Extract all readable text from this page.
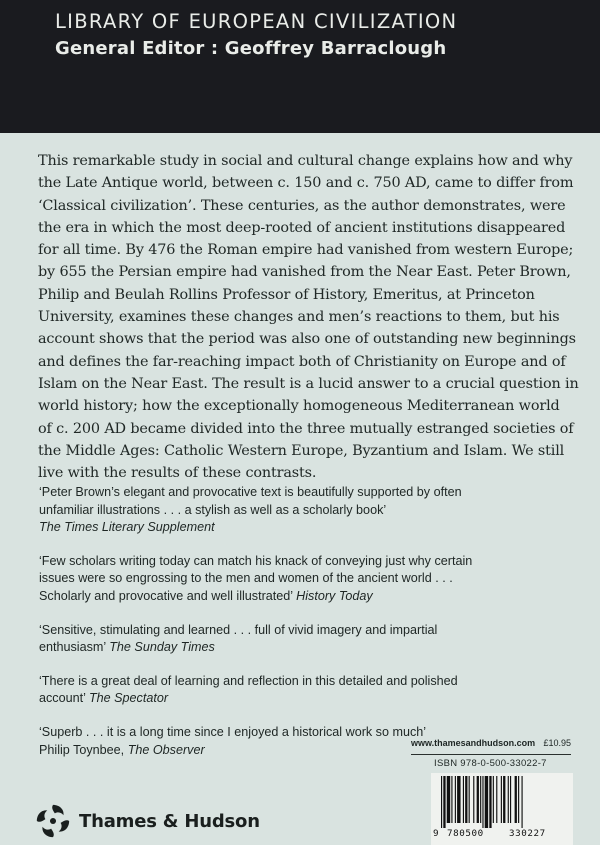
LIBRARY OF EUROPEAN CIVILIZATION
General Editor : Geoffrey Barraclough
This remarkable study in social and cultural change explains how and why
the Late Antique world, between c. 150 and c. 750 AD, came to differ from
‘Classical civilization’. These centuries, as the author demonstrates, were
the era in which the most deep-rooted of ancient institutions disappeared
for all time. By 476 the Roman empire had vanished from western Europe;
by 655 the Persian empire had vanished from the Near East. Peter Brown,
Philip and Beulah Rollins Professor of History, Emeritus, at Princeton
University, examines these changes and men’s reactions to them, but his
account shows that the period was also one of outstanding new beginnings
and defines the far-reaching impact both of Christianity on Europe and of
Islam on the Near East. The result is a lucid answer to a crucial question in
world history; how the exceptionally homogeneous Mediterranean world
of c. 200 AD became divided into the three mutually estranged societies of
the Middle Ages: Catholic Western Europe, Byzantium and Islam. We still
live with the results of these contrasts.
‘Peter Brown’s elegant and provocative text is beautifully supported by often
unfamiliar illustrations . . . a stylish as well as a scholarly book’
The Times Literary Supplement
‘Few scholars writing today can match his knack of conveying just why certain
issues were so engrossing to the men and women of the ancient world . . .
Scholarly and provocative and well illustrated’ History Today
‘Sensitive, stimulating and learned . . . full of vivid imagery and impartial
enthusiasm’ The Sunday Times
‘There is a great deal of learning and reflection in this detailed and polished
account’ The Spectator
‘Superb . . . it is a long time since I enjoyed a historical work so much’
Philip Toynbee, The Observer	www.thamesandhudson.com £10.95
ISBN 978-0-500-33022-7
9 780500	330227
Thames & Hudson
